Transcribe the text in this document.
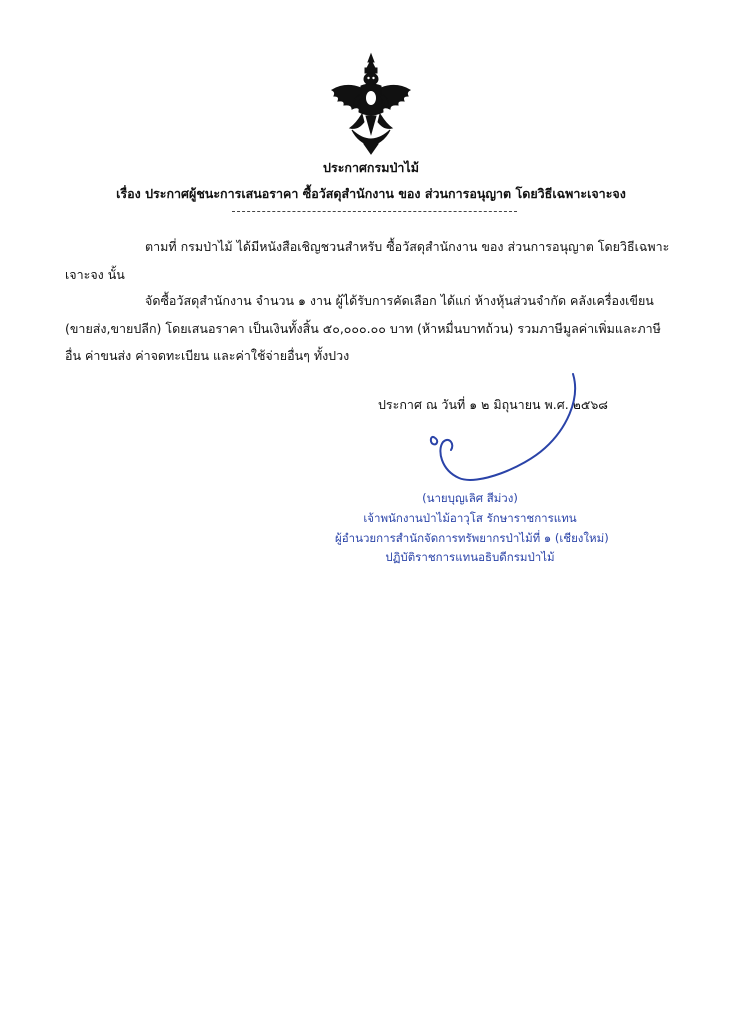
ประกาศกรมป่าไม้
เรื่อง ประกาศผู้ชนะการเสนอราคา ซื้อวัสดุสำนักงาน ของ ส่วนการอนุญาต โดยวิธีเฉพาะเจาะจง
ตามที่ กรมป่าไม้ ได้มีหนังสือเชิญชวนสำหรับ ซื้อวัสดุสำนักงาน ของ ส่วนการอนุญาต โดยวิธีเฉพาะเจาะจง นั้น
จัดซื้อวัสดุสำนักงาน จำนวน ๑ งาน ผู้ได้รับการคัดเลือก ได้แก่ ห้างหุ้นส่วนจำกัด คลังเครื่องเขียน (ขายส่ง,ขายปลีก) โดยเสนอราคา เป็นเงินทั้งสิ้น ๕๐,๐๐๐.๐๐ บาท (ห้าหมื่นบาทถ้วน) รวมภาษีมูลค่าเพิ่มและภาษีอื่น ค่าขนส่ง ค่าจดทะเบียน และค่าใช้จ่ายอื่นๆ ทั้งปวง
ประกาศ ณ วันที่ ๑ ๒ มิถุนายน พ.ศ. ๒๕๖๘
(นายบุญเลิศ สีม่วง)
เจ้าพนักงานป่าไม้อาวุโส รักษาราชการแทน
ผู้อำนวยการสำนักจัดการทรัพยากรป่าไม้ที่ ๑ (เชียงใหม่)
ปฏิบัติราชการแทนอธิบดีกรมป่าไม้
